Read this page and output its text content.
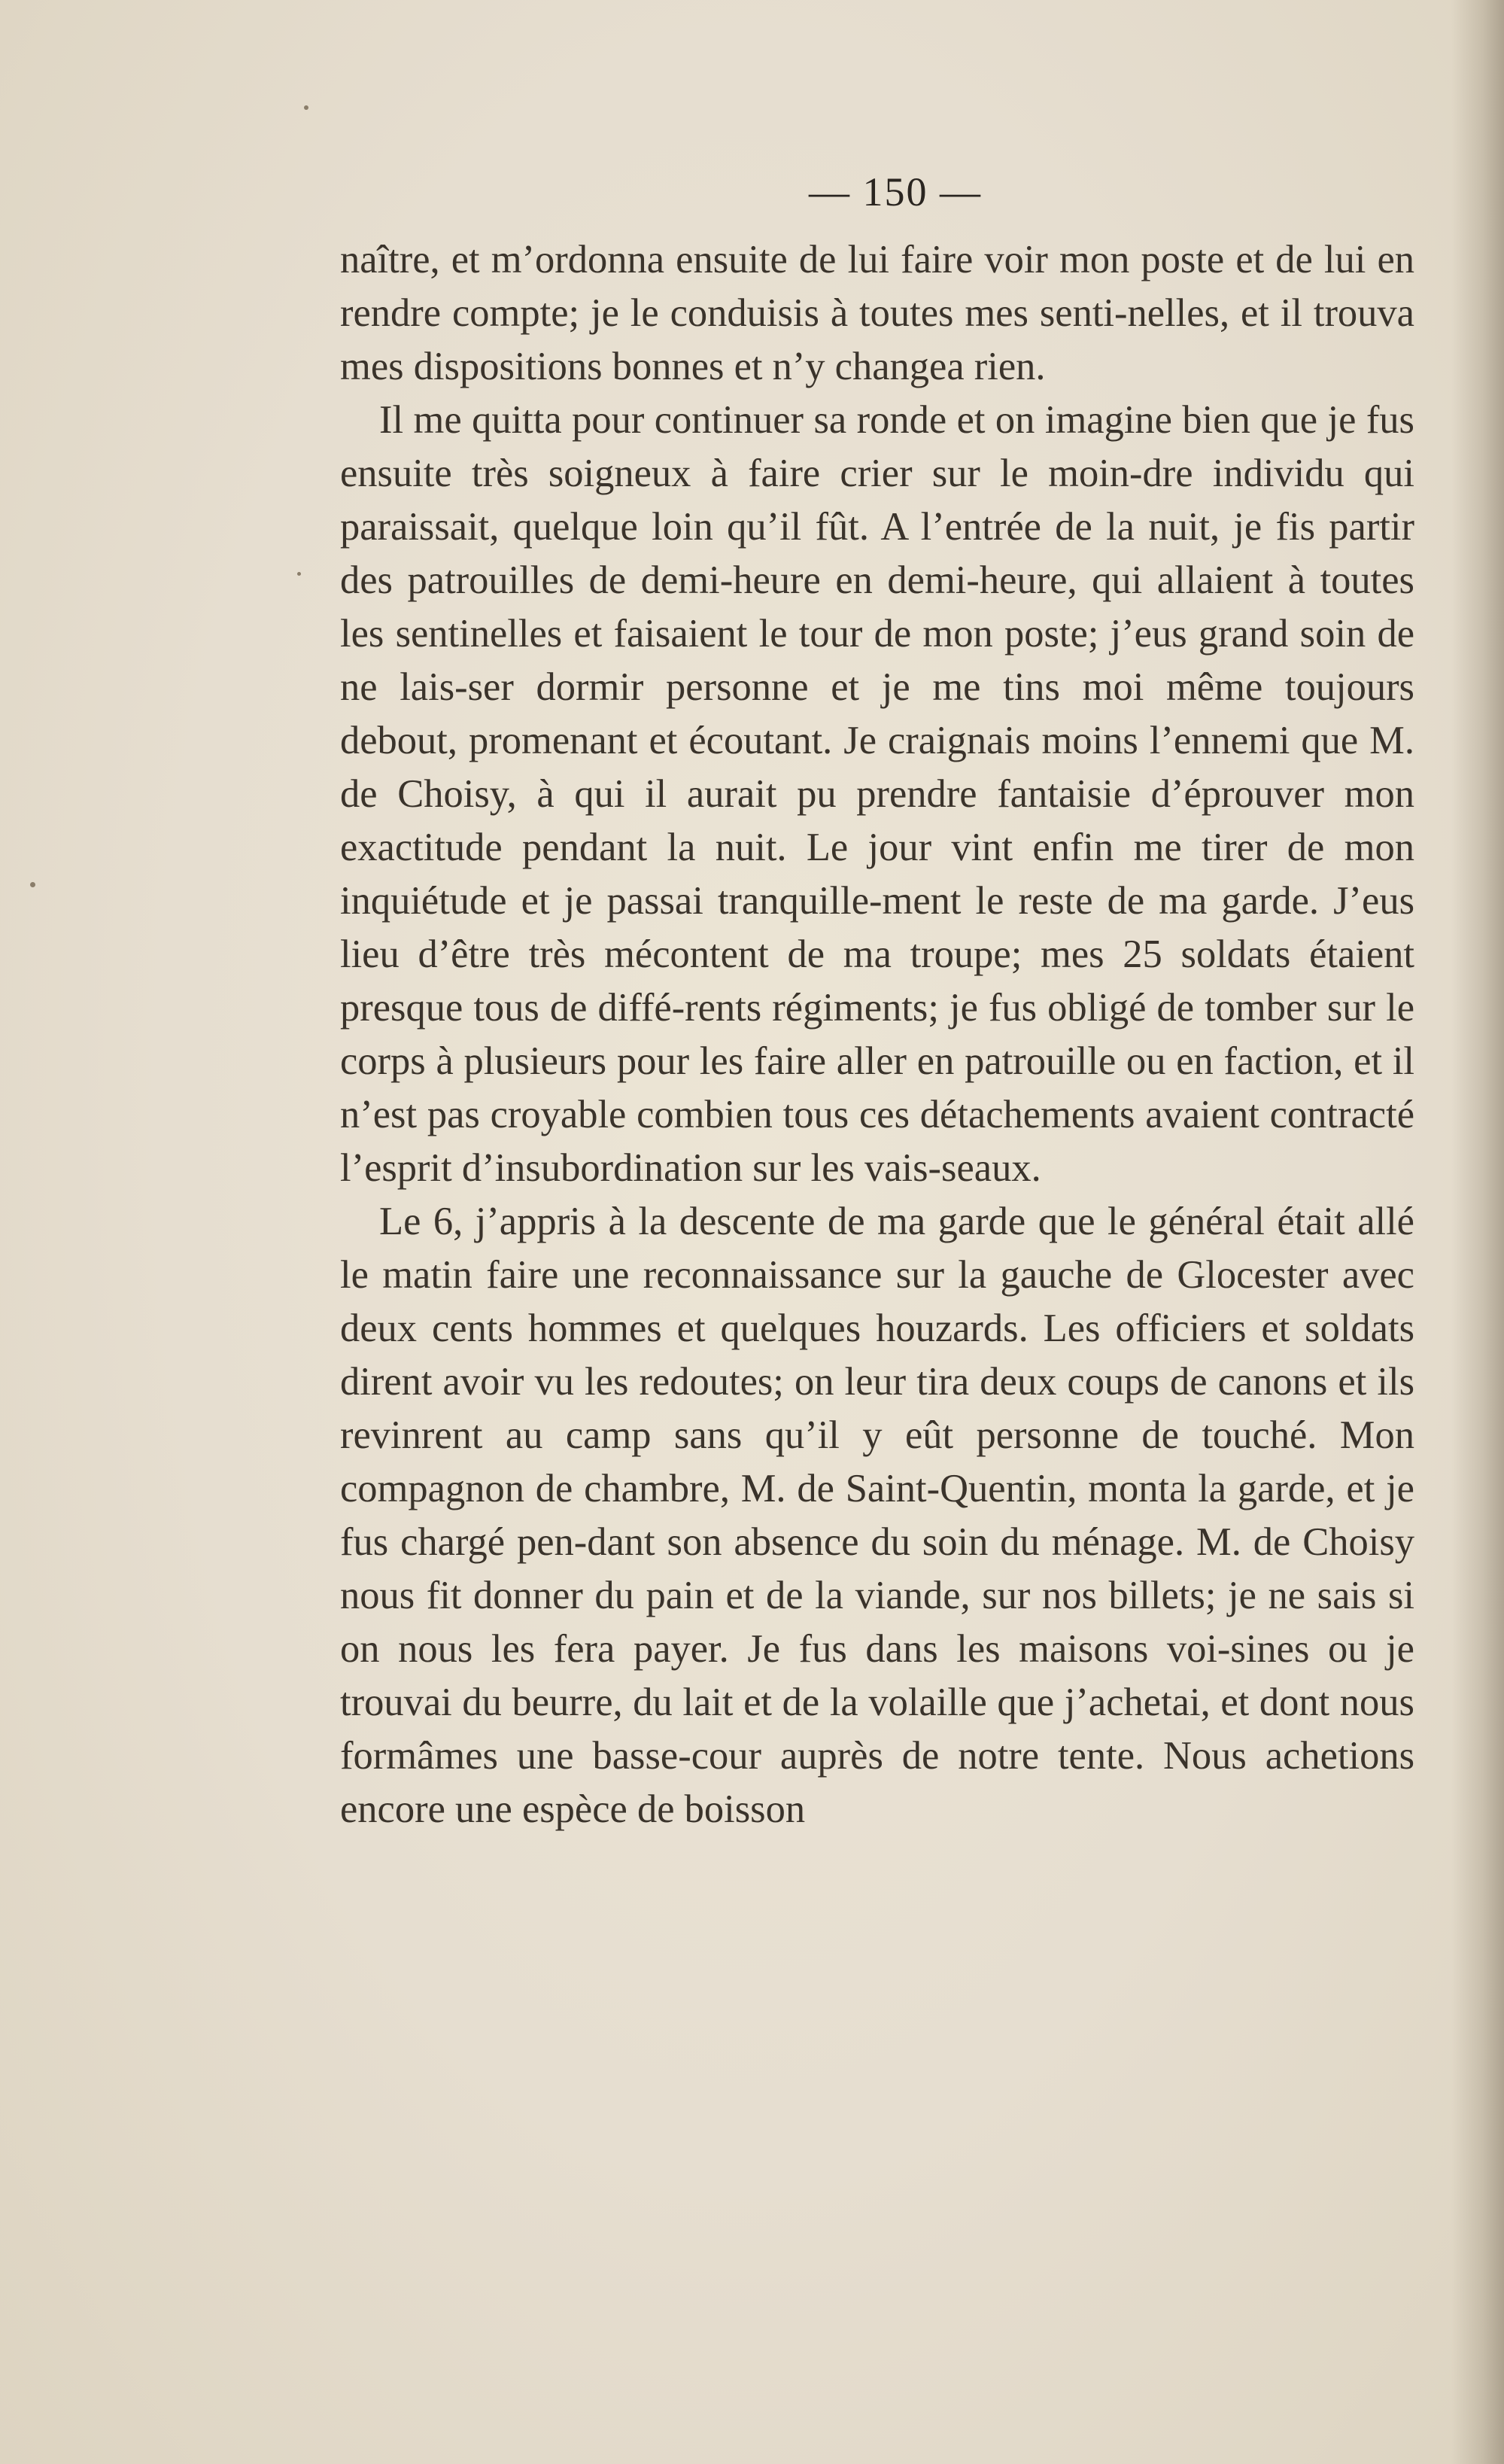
— 150 —

naître, et m’ordonna ensuite de lui faire voir mon poste et de lui en rendre compte; je le conduisis à toutes mes senti-nelles, et il trouva mes dispositions bonnes et n’y changea rien.

Il me quitta pour continuer sa ronde et on imagine bien que je fus ensuite très soigneux à faire crier sur le moin-dre individu qui paraissait, quelque loin qu’il fût. A l’entrée de la nuit, je fis partir des patrouilles de demi-heure en demi-heure, qui allaient à toutes les sentinelles et faisaient le tour de mon poste; j’eus grand soin de ne lais-ser dormir personne et je me tins moi même toujours debout, promenant et écoutant. Je craignais moins l’ennemi que M. de Choisy, à qui il aurait pu prendre fantaisie d’éprouver mon exactitude pendant la nuit. Le jour vint enfin me tirer de mon inquiétude et je passai tranquille-ment le reste de ma garde. J’eus lieu d’être très mécontent de ma troupe; mes 25 soldats étaient presque tous de diffé-rents régiments; je fus obligé de tomber sur le corps à plusieurs pour les faire aller en patrouille ou en faction, et il n’est pas croyable combien tous ces détachements avaient contracté l’esprit d’insubordination sur les vais-seaux.

Le 6, j’appris à la descente de ma garde que le général était allé le matin faire une reconnaissance sur la gauche de Glocester avec deux cents hommes et quelques houzards. Les officiers et soldats dirent avoir vu les redoutes; on leur tira deux coups de canons et ils revinrent au camp sans qu’il y eût personne de touché. Mon compagnon de chambre, M. de Saint-Quentin, monta la garde, et je fus chargé pen-dant son absence du soin du ménage. M. de Choisy nous fit donner du pain et de la viande, sur nos billets; je ne sais si on nous les fera payer. Je fus dans les maisons voi-sines ou je trouvai du beurre, du lait et de la volaille que j’achetai, et dont nous formâmes une basse-cour auprès de notre tente. Nous achetions encore une espèce de boisson
